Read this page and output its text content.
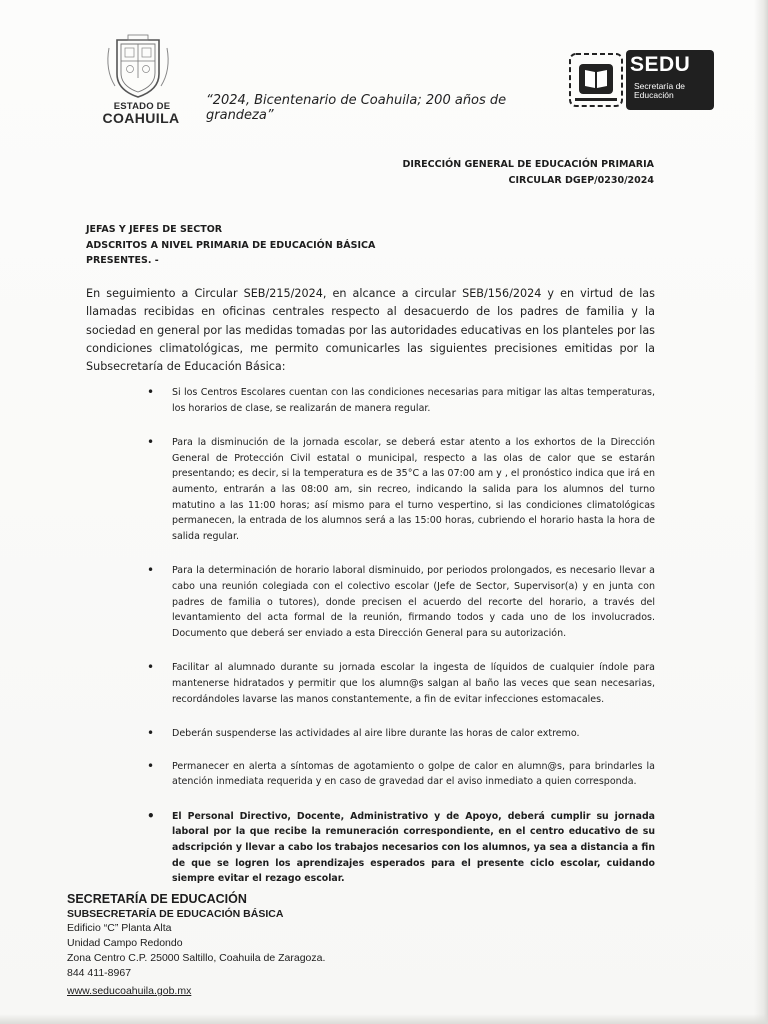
ESTADO DE
COAHUILA
“2024, Bicentenario de Coahuila; 200 años de grandeza”
SEDU
Secretaría de
Educación
DIRECCIÓN GENERAL DE EDUCACIÓN PRIMARIA
CIRCULAR DGEP/0230/2024
JEFAS Y JEFES DE SECTOR
ADSCRITOS A NIVEL PRIMARIA DE EDUCACIÓN BÁSICA
PRESENTES. -
En seguimiento a Circular SEB/215/2024, en alcance a circular SEB/156/2024 y en virtud de las llamadas recibidas en oficinas centrales respecto al desacuerdo de los padres de familia y la sociedad en general por las medidas tomadas por las autoridades educativas en los planteles por las condiciones climatológicas, me permito comunicarles las siguientes precisiones emitidas por la Subsecretaría de Educación Básica:
• Si los Centros Escolares cuentan con las condiciones necesarias para mitigar las altas temperaturas, los horarios de clase, se realizarán de manera regular.
• Para la disminución de la jornada escolar, se deberá estar atento a los exhortos de la Dirección General de Protección Civil estatal o municipal, respecto a las olas de calor que se estarán presentando; es decir, si la temperatura es de 35°C a las 07:00 am y , el pronóstico indica que irá en aumento, entrarán a las 08:00 am, sin recreo, indicando la salida para los alumnos del turno matutino a las 11:00 horas; así mismo para el turno vespertino, si las condiciones climatológicas permanecen, la entrada de los alumnos será a las 15:00 horas, cubriendo el horario hasta la hora de salida regular.
• Para la determinación de horario laboral disminuido, por periodos prolongados, es necesario llevar a cabo una reunión colegiada con el colectivo escolar (Jefe de Sector, Supervisor(a) y en junta con padres de familia o tutores), donde precisen el acuerdo del recorte del horario, a través del levantamiento del acta formal de la reunión, firmando todos y cada uno de los involucrados. Documento que deberá ser enviado a esta Dirección General para su autorización.
• Facilitar al alumnado durante su jornada escolar la ingesta de líquidos de cualquier índole para mantenerse hidratados y permitir que los alumn@s salgan al baño las veces que sean necesarias, recordándoles lavarse las manos constantemente, a fin de evitar infecciones estomacales.
• Deberán suspenderse las actividades al aire libre durante las horas de calor extremo.
• Permanecer en alerta a síntomas de agotamiento o golpe de calor en alumn@s, para brindarles la atención inmediata requerida y en caso de gravedad dar el aviso inmediato a quien corresponda.
• El Personal Directivo, Docente, Administrativo y de Apoyo, deberá cumplir su jornada laboral por la que recibe la remuneración correspondiente, en el centro educativo de su adscripción y llevar a cabo los trabajos necesarios con los alumnos, ya sea a distancia a fin de que se logren los aprendizajes esperados para el presente ciclo escolar, cuidando siempre evitar el rezago escolar.
SECRETARÍA DE EDUCACIÓN
SUBSECRETARÍA DE EDUCACIÓN BÁSICA
Edificio “C” Planta Alta
Unidad Campo Redondo
Zona Centro C.P. 25000 Saltillo, Coahuila de Zaragoza.
844 411-8967
www.seducoahuila.gob.mx
